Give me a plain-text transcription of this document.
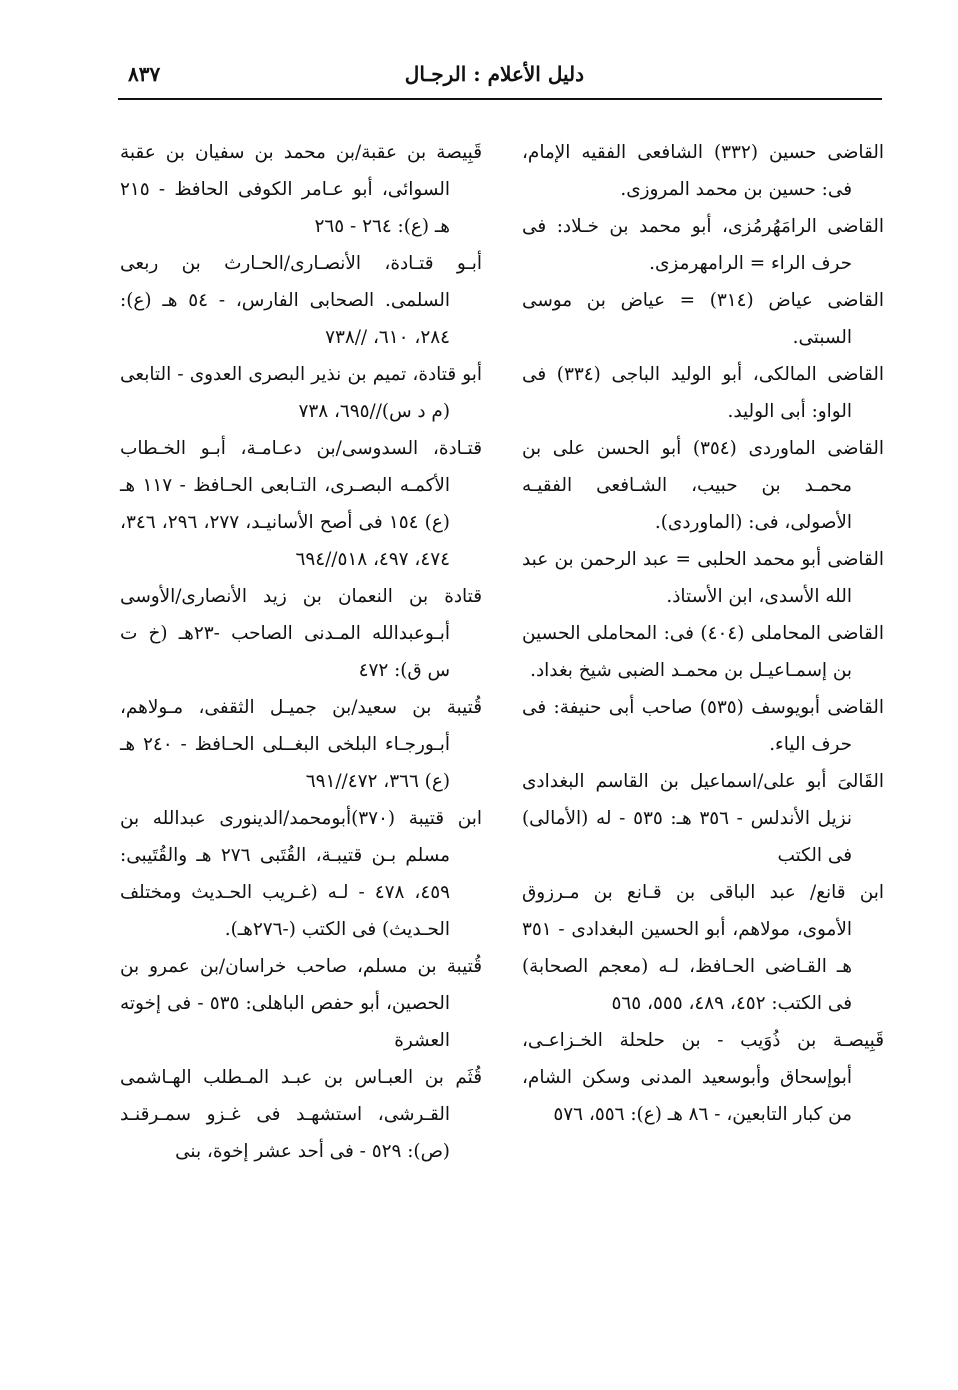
دليل الأعلام : الرجـال
٨٣٧

القاضى حسين (٣٣٢) الشافعى الفقيه الإمام، فى: حسين بن محمد المروزى.

القاضى الرامَهُرمُزى، أبو محمد بن خـلاد: فى حرف الراء = الرامهرمزى.

القاضى عياض (٣١٤) = عياض بن موسى السبتى.

القاضى المالكى، أبو الوليد الباجى (٣٣٤) فى الواو: أبى الوليد.

القاضى الماوردى (٣٥٤) أبو الحسن على بن محمـد بن حبيب، الشـافعى الفقيـه الأصولى، فى: (الماوردى).

القاضى أبو محمد الحلبى = عبد الرحمن بن عبد الله الأسدى، ابن الأستاذ.

القاضى المحاملى (٤٠٤) فى: المحاملى الحسين بن إسمـاعيـل بن محمـد الضبى شيخ بغداد.

القاضى أبويوسف (٥٣٥) صاحب أبى حنيفة: فى حرف الياء.

القَالىَ أبو على/اسماعيل بن القاسم البغدادى نزيل الأندلس - ٣٥٦ هـ: ٥٣٥ - له (الأمالى) فى الكتب

ابن قانع/ عبد الباقى بن قـانع بن مـرزوق الأموى، مولاهم، أبو الحسين البغدادى - ٣٥١ هـ القـاضى الحـافظ، لـه (معجم الصحابة) فى الكتب: ٤٥٢، ٤٨٩، ٥٥٥، ٥٦٥

قَبِيصـة بن ذُوَيب - بن حلحلة الخـزاعـى، أبوإسحاق وأبوسعيد المدنى وسكن الشام، من كبار التابعين، - ٨٦ هـ (ع): ٥٥٦، ٥٧٦

قَبِيصة بن عقبة/بن محمد بن سفيان بن عقبة السوائى، أبو عـامر الكوفى الحافظ - ٢١٥ هـ (ع): ٢٦٤ - ٢٦٥

أبـو قتـادة، الأنصـارى/الحـارث بن ربعى السلمى. الصحابى الفارس، - ٥٤ هـ (ع): ٢٨٤، ٦١٠، //٧٣٨

أبو قتادة، تميم بن نذير البصرى العدوى - التابعى (م د س)//٦٩٥، ٧٣٨

قتـادة، السدوسى/بن دعـامـة، أبـو الخـطاب الأكمـه البصـرى، التـابعى الحـافظ - ١١٧ هـ (ع) ١٥٤ فى أصح الأسانيـد، ٢٧٧، ٢٩٦، ٣٤٦، ٤٧٤، ٤٩٧، ٥١٨//٦٩٤

قتادة بن النعمان بن زيد الأنصارى/الأوسى أبـوعبدالله المـدنى الصاحب -٢٣هـ (خ ت س ق): ٤٧٢

قُتيبة بن سعيد/بن جميـل الثقفى، مـولاهم، أبـورجـاء البلخى البغــلى الحـافظ - ٢٤٠ هـ (ع) ٣٦٦، ٤٧٢//٦٩١

ابن قتيبة (٣٧٠)أبومحمد/الدينورى عبدالله بن مسلم بـن قتيبـة، القُتَبى ٢٧٦ هـ والقُتَيبى: ٤٥٩، ٤٧٨ - لـه (غـريب الحـديث ومختلف الحـديث) فى الكتب (-٢٧٦هـ).

قُتيبة بن مسلم، صاحب خراسان/بن عمرو بن الحصين، أبو حفص الباهلى: ٥٣٥ - فى إخوته العشرة

قُثَم بن العبـاس بن عبـد المـطلب الهـاشمى القـرشى، استشهـد فى غـزو سمـرقنـد (ص): ٥٢٩ - فى أحد عشر إخوة، بنى
